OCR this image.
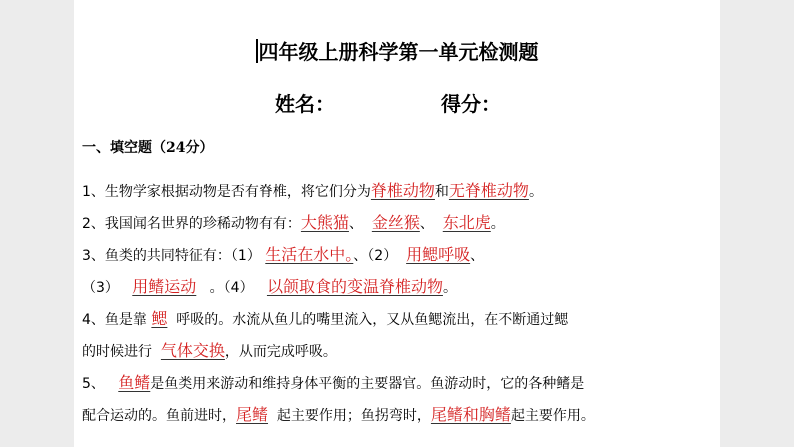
四年级上册科学第一单元检测题
姓名：	得分：
一、填空题（24分）
1、生物学家根据动物是否有脊椎，将它们分为脊椎动物和无脊椎动物。
2、我国闻名世界的珍稀动物有有：大熊猫、 金丝猴、 东北虎。
3、鱼类的共同特征有：（1） 生活在水中。、（2） 用鳃呼吸、
（3） 用鳍运动 。（4） 以颌取食的变温脊椎动物。
4、鱼是靠 鳃 呼吸的。水流从鱼儿的嘴里流入，又从鱼鳃流出，在不断通过鳃
的时候进行 气体交换，从而完成呼吸。
5、 鱼鳍是鱼类用来游动和维持身体平衡的主要器官。鱼游动时，它的各种鳍是
配合运动的。鱼前进时，尾鳍 起主要作用；鱼拐弯时，尾鳍和胸鳍起主要作用。
